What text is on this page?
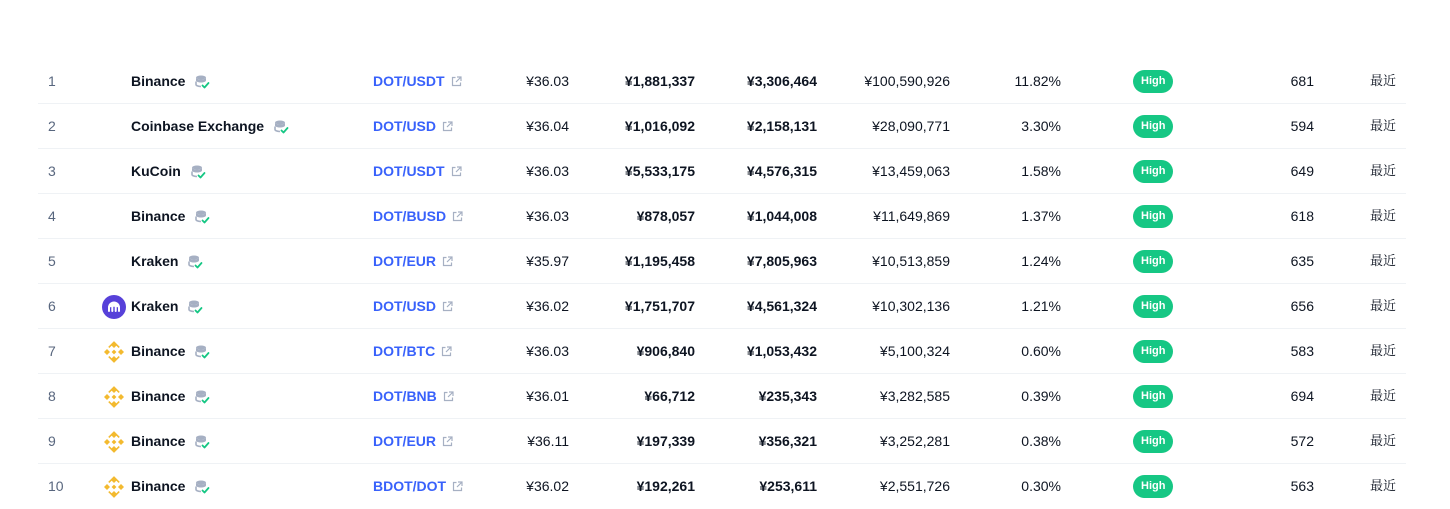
1	Binance	DOT/USDT	¥36.03	¥1,881,337	¥3,306,464	¥100,590,926	11.82%	High	681	最近
2	Coinbase Exchange	DOT/USD	¥36.04	¥1,016,092	¥2,158,131	¥28,090,771	3.30%	High	594	最近
3	KuCoin	DOT/USDT	¥36.03	¥5,533,175	¥4,576,315	¥13,459,063	1.58%	High	649	最近
4	Binance	DOT/BUSD	¥36.03	¥878,057	¥1,044,008	¥11,649,869	1.37%	High	618	最近
5	Kraken	DOT/EUR	¥35.97	¥1,195,458	¥7,805,963	¥10,513,859	1.24%	High	635	最近
6	Kraken	DOT/USD	¥36.02	¥1,751,707	¥4,561,324	¥10,302,136	1.21%	High	656	最近
7	Binance	DOT/BTC	¥36.03	¥906,840	¥1,053,432	¥5,100,324	0.60%	High	583	最近
8	Binance	DOT/BNB	¥36.01	¥66,712	¥235,343	¥3,282,585	0.39%	High	694	最近
9	Binance	DOT/EUR	¥36.11	¥197,339	¥356,321	¥3,252,281	0.38%	High	572	最近
10	Binance	BDOT/DOT	¥36.02	¥192,261	¥253,611	¥2,551,726	0.30%	High	563	最近
